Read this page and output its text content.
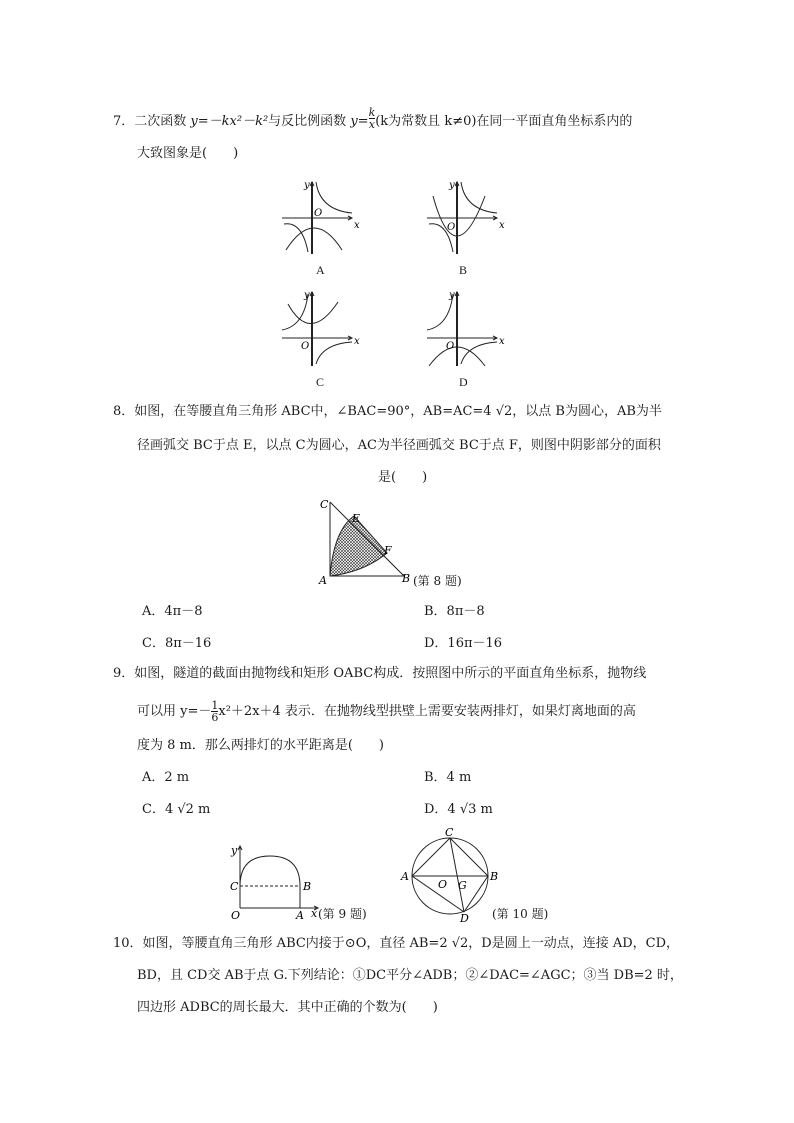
7．二次函数 y=－kx²－k²与反比例函数 $y= \frac{k}{x} (k$为常数且 k≠0)在同一平面直角坐标系内的
大致图象是(　　)
y
x
O
A
y
x
O
B
y
x
O
C
y
x
O
D
8．如图，在等腰直角三角形 ABC中，∠BAC=90°，AB=AC=4 √2，以点 B为圆心，AB为半
径画弧交 BC于点 E，以点 C为圆心，AC为半径画弧交 BC于点 F，则图中阴影部分的面积
是(　　)
C
E
F
A	B (第 8 题)
A．4π－8	B．8π－8
C．8π－16	D．16π－16
9．如图，隧道的截面由抛物线和矩形 OABC构成．按照图中所示的平面直角坐标系，抛物线
可以用 $y=- \frac{1}{6} x^2+2x+4$ 表示．在抛物线型拱壁上需要安装两排灯，如果灯离地面的高
度为 8 m．那么两排灯的水平距离是(　　)
A．2 m	B．4 m
C．4 √2 m	D．4 √3 m
y
C	B
O	A x (第 9 题)
C
A
O G
B
D (第 10 题)
10．如图，等腰直角三角形 ABC内接于⊙O，直径 AB=2 √2，D是圆上一动点，连接 AD，CD，
BD，且 CD交 AB于点 G.下列结论：①DC平分∠ADB；②∠DAC=∠AGC；③当 DB=2 时，
四边形 ADBC的周长最大．其中正确的个数为(　　)
